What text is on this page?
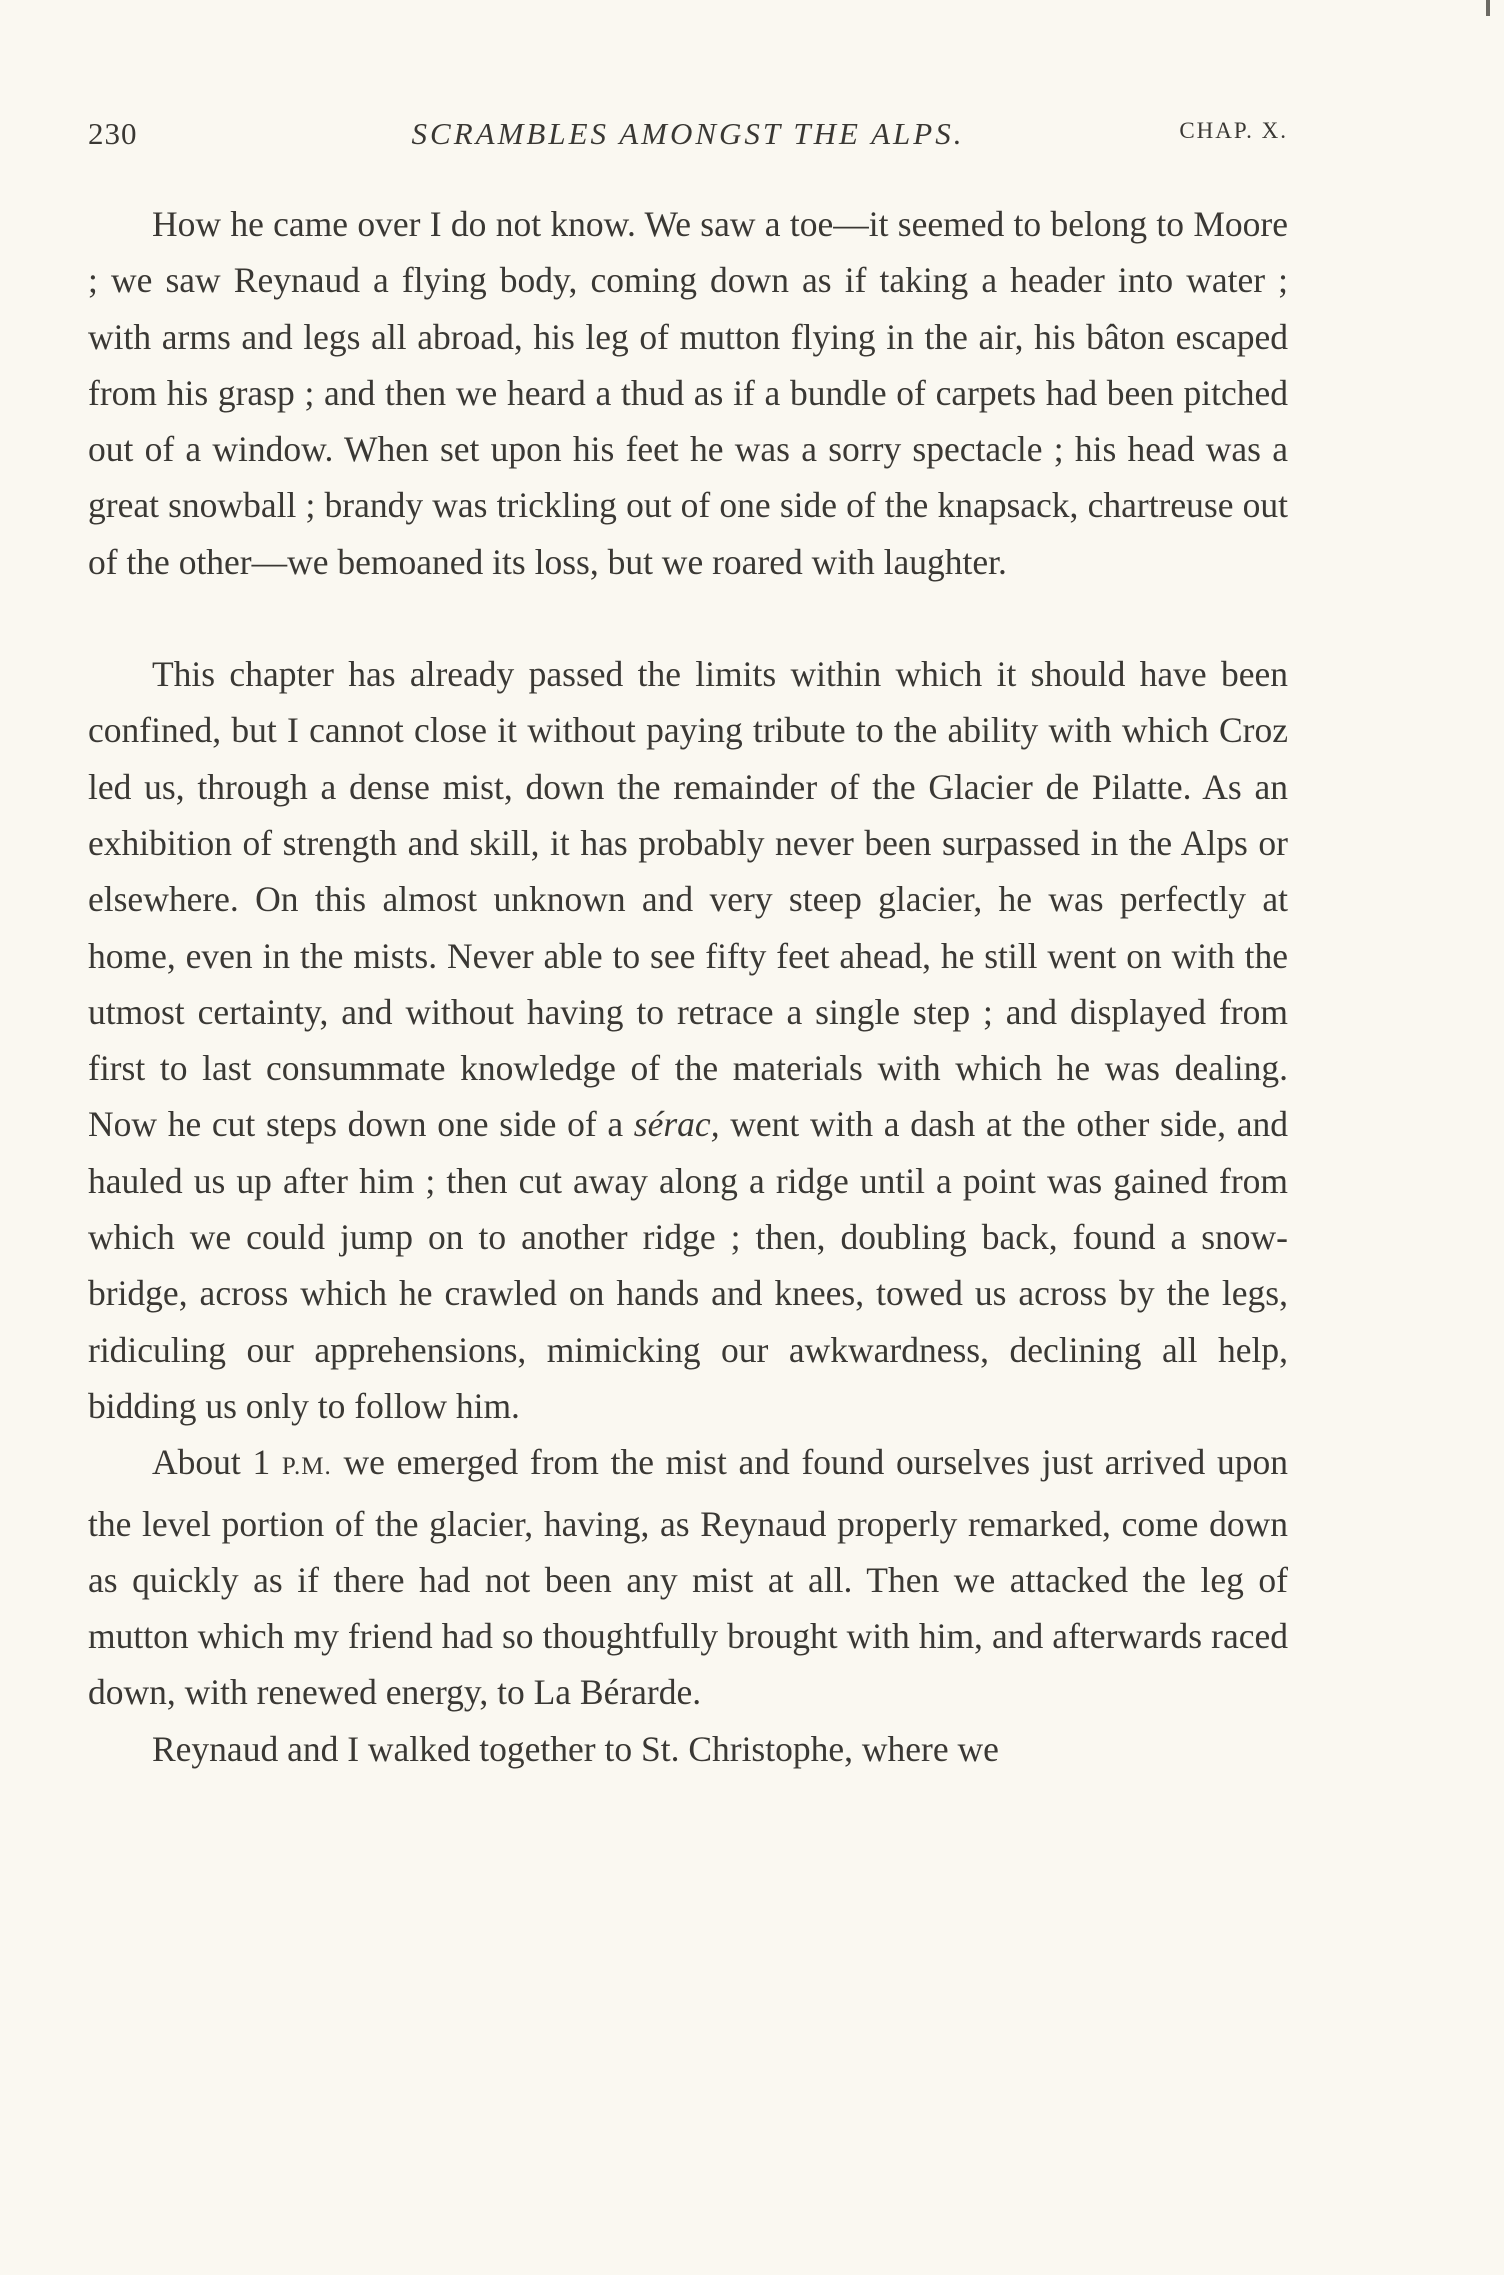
230	SCRAMBLES AMONGST THE ALPS.	CHAP. X.

How he came over I do not know. We saw a toe—it seemed to belong to Moore ; we saw Reynaud a flying body, coming down as if taking a header into water ; with arms and legs all abroad, his leg of mutton flying in the air, his bâton escaped from his grasp ; and then we heard a thud as if a bundle of carpets had been pitched out of a window. When set upon his feet he was a sorry spectacle ; his head was a great snowball ; brandy was trickling out of one side of the knapsack, chartreuse out of the other—we bemoaned its loss, but we roared with laughter.

This chapter has already passed the limits within which it should have been confined, but I cannot close it without paying tribute to the ability with which Croz led us, through a dense mist, down the remainder of the Glacier de Pilatte. As an exhibition of strength and skill, it has probably never been surpassed in the Alps or elsewhere. On this almost unknown and very steep glacier, he was perfectly at home, even in the mists. Never able to see fifty feet ahead, he still went on with the utmost certainty, and without having to retrace a single step ; and displayed from first to last consummate knowledge of the materials with which he was dealing. Now he cut steps down one side of a sérac, went with a dash at the other side, and hauled us up after him ; then cut away along a ridge until a point was gained from which we could jump on to another ridge ; then, doubling back, found a snow-bridge, across which he crawled on hands and knees, towed us across by the legs, ridiculing our apprehensions, mimicking our awkwardness, declining all help, bidding us only to follow him.

About 1 P.M. we emerged from the mist and found ourselves just arrived upon the level portion of the glacier, having, as Reynaud properly remarked, come down as quickly as if there had not been any mist at all. Then we attacked the leg of mutton which my friend had so thoughtfully brought with him, and afterwards raced down, with renewed energy, to La Bérarde.

Reynaud and I walked together to St. Christophe, where we
